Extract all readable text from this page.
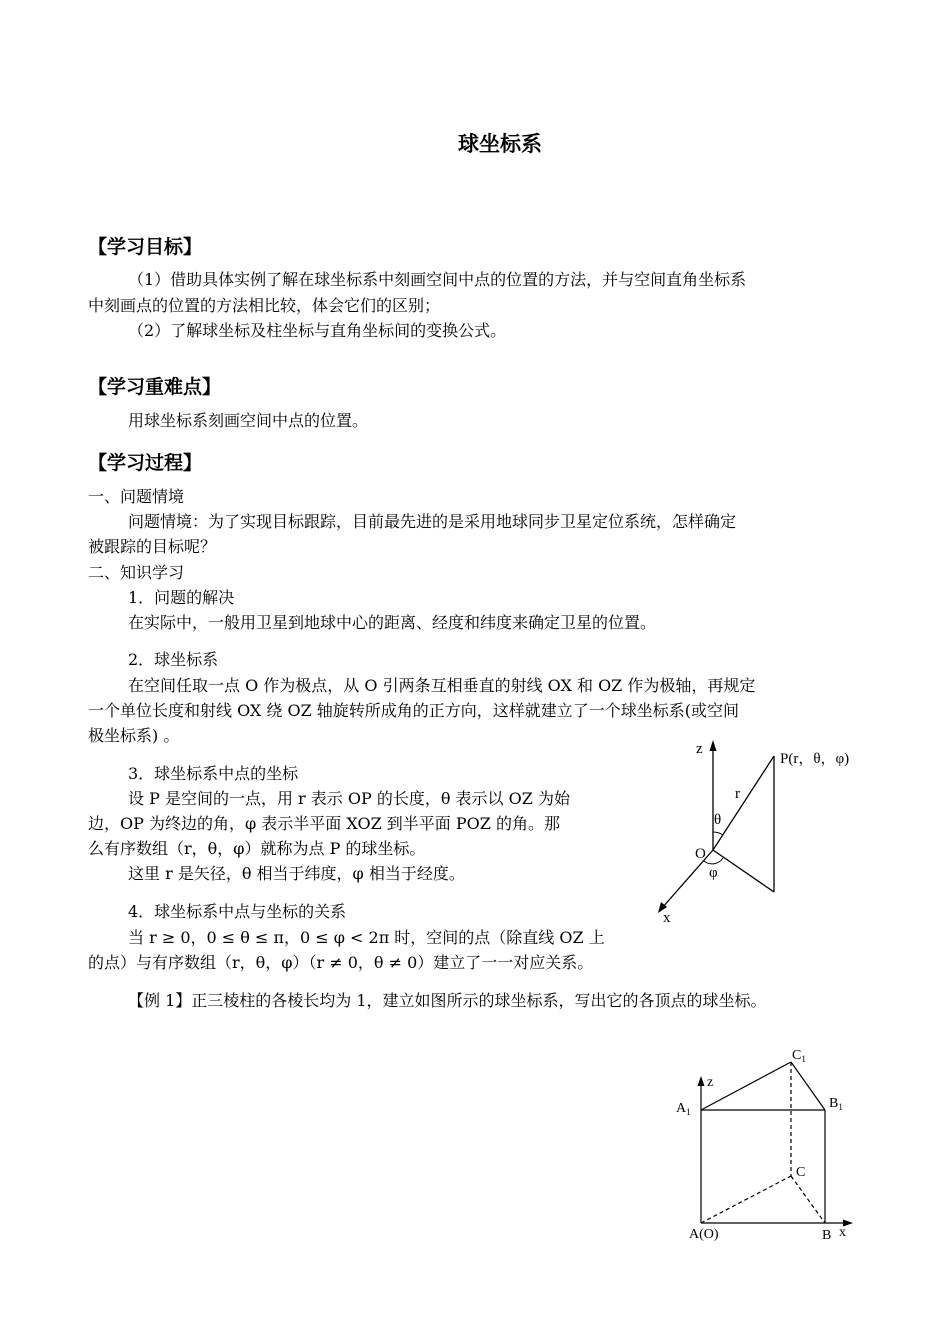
球坐标系
【学习目标】
（1）借助具体实例了解在球坐标系中刻画空间中点的位置的方法，并与空间直角坐标系
中刻画点的位置的方法相比较，体会它们的区别；
（2）了解球坐标及柱坐标与直角坐标间的变换公式。
【学习重难点】
用球坐标系刻画空间中点的位置。
【学习过程】
一、问题情境
问题情境：为了实现目标跟踪，目前最先进的是采用地球同步卫星定位系统，怎样确定
被跟踪的目标呢？
二、知识学习
1．问题的解决
在实际中，一般用卫星到地球中心的距离、经度和纬度来确定卫星的位置。
2．球坐标系
在空间任取一点 O 作为极点，从 O 引两条互相垂直的射线 OX 和 OZ 作为极轴，再规定
一个单位长度和射线 OX 绕 OZ 轴旋转所成角的正方向，这样就建立了一个球坐标系(或空间
极坐标系) 。
3．球坐标系中点的坐标
设 P 是空间的一点，用 r 表示 OP 的长度，θ 表示以 OZ 为始
边，OP 为终边的角，φ 表示半平面 XOZ 到半平面 POZ 的角。那
么有序数组（r，θ，φ）就称为点 P 的球坐标。
这里 r 是矢径，θ 相当于纬度，φ 相当于经度。
4．球坐标系中点与坐标的关系
当 r ≥ 0，0 ≤ θ ≤ π，0 ≤ φ < 2π 时，空间的点（除直线 OZ 上
的点）与有序数组（r，θ，φ）（r ≠ 0，θ ≠ 0）建立了一一对应关系。
【例 1】正三棱柱的各棱长均为 1，建立如图所示的球坐标系，写出它的各顶点的球坐标。
z
P(r，θ，φ)
r
θ
O
φ
x
$C_1$
z
$A_1$
$B_1$
C
A(O)	B x
